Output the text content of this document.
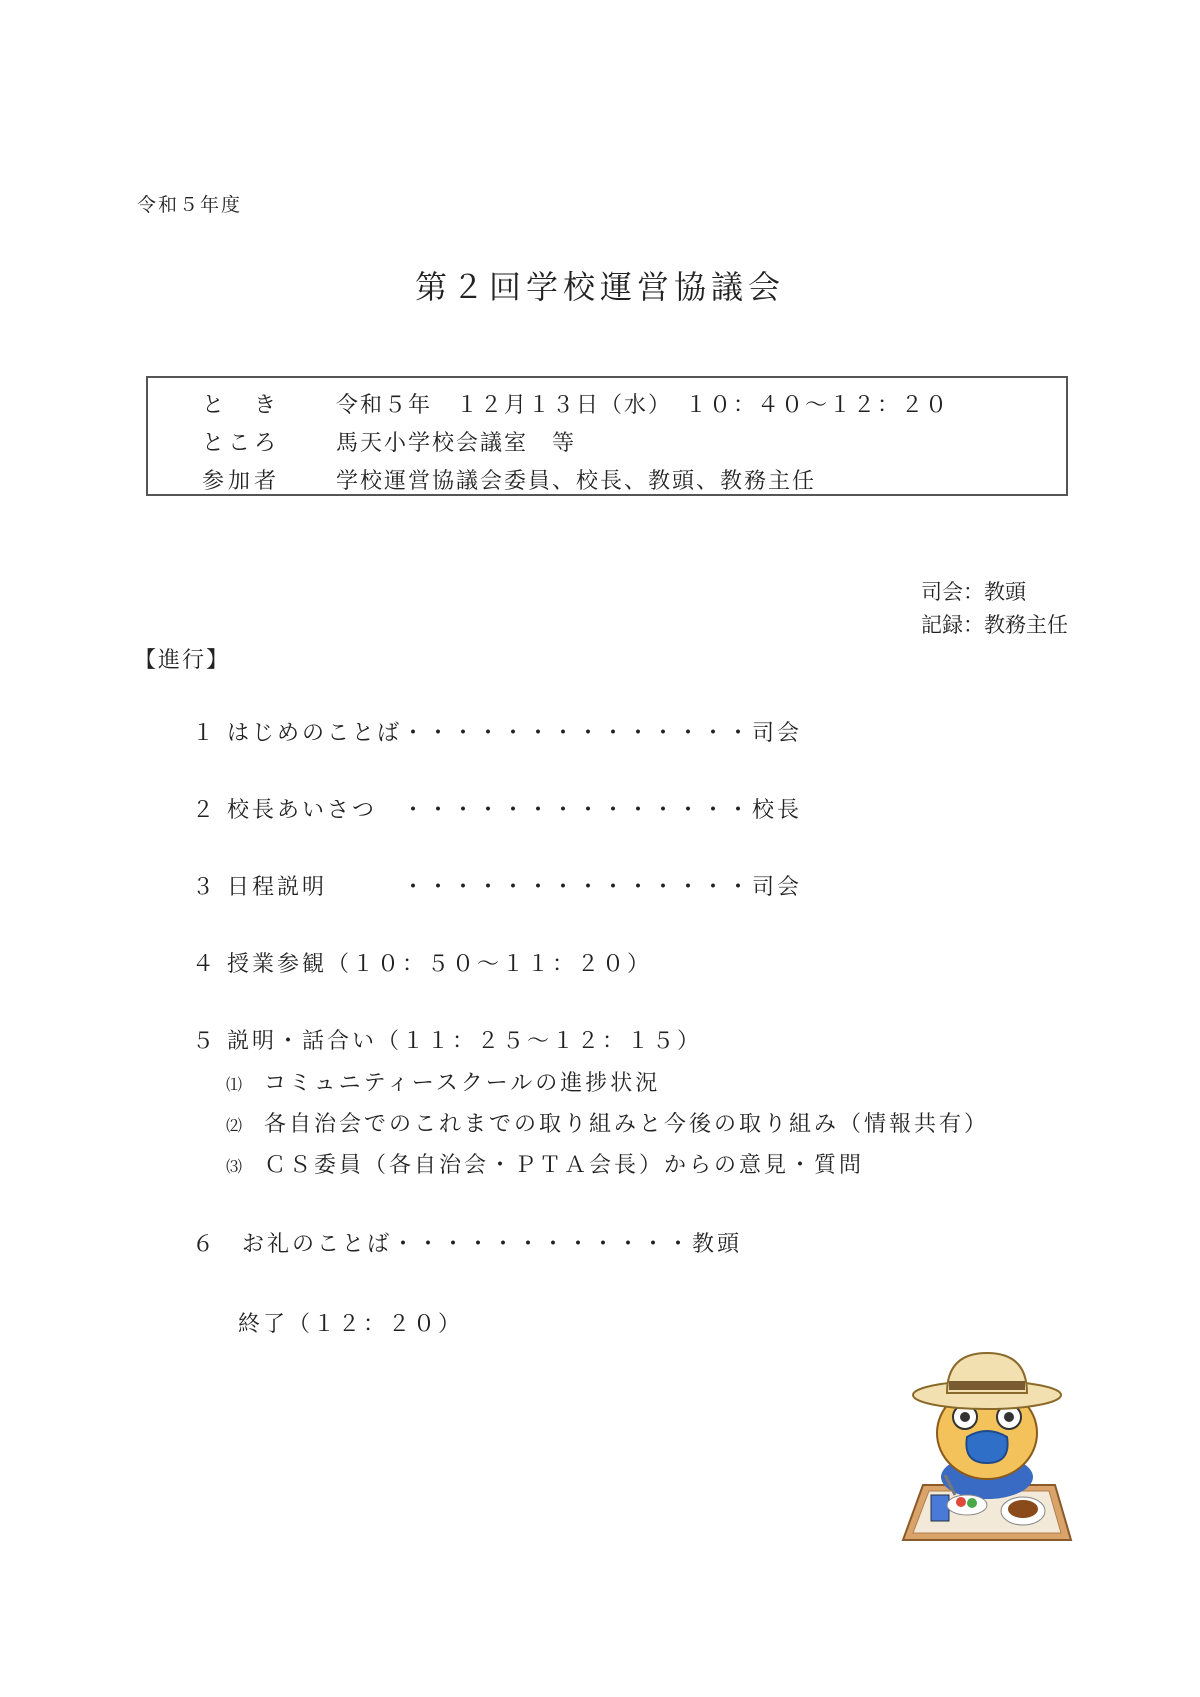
令和５年度
第２回学校運営協議会
と　き	令和５年　１２月１３日（水）　１０：４０～１２：２０
ところ	馬天小学校会議室　等
参加者	学校運営協議会委員、校長、教頭、教務主任
司会：教頭
記録：教務主任
【進行】
１ はじめのことば・・・・・・・・・・・・・・司会
２ 校長あいさつ　・・・・・・・・・・・・・・校長
３ 日程説明　　　・・・・・・・・・・・・・・司会
４ 授業参観（１０：５０～１１：２０）
５ 説明・話合い（１１：２５～１２：１５）
⑴ コミュニティースクールの進捗状況
⑵ 各自治会でのこれまでの取り組みと今後の取り組み（情報共有）
⑶ ＣＳ委員（各自治会・ＰＴＡ会長）からの意見・質問
６　お礼のことば・・・・・・・・・・・・教頭
終了（１２：２０）
